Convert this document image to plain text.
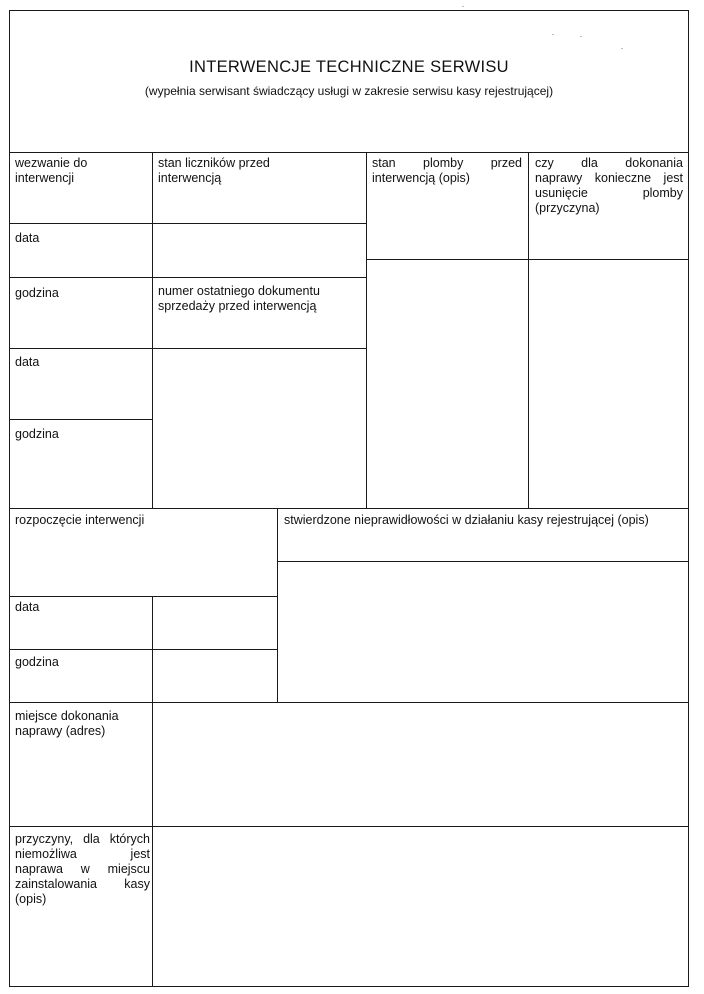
INTERWENCJE TECHNICZNE SERWISU
(wypełnia serwisant świadczący usługi w zakresie serwisu kasy rejestrującej)
wezwanie do interwencji
stan liczników przed interwencją
stan plomby przed interwencją (opis)
czy dla dokonania naprawy konieczne jest usunięcie plomby (przyczyna)
data
godzina	numer ostatniego dokumentu sprzedaży przed interwencją
data
godzina
rozpoczęcie interwencji	stwierdzone nieprawidłowości w działaniu kasy rejestrującej (opis)
data
godzina
miejsce dokonania naprawy (adres)
przyczyny, dla których niemożliwa jest naprawa w miejscu zainstalowania kasy (opis)
